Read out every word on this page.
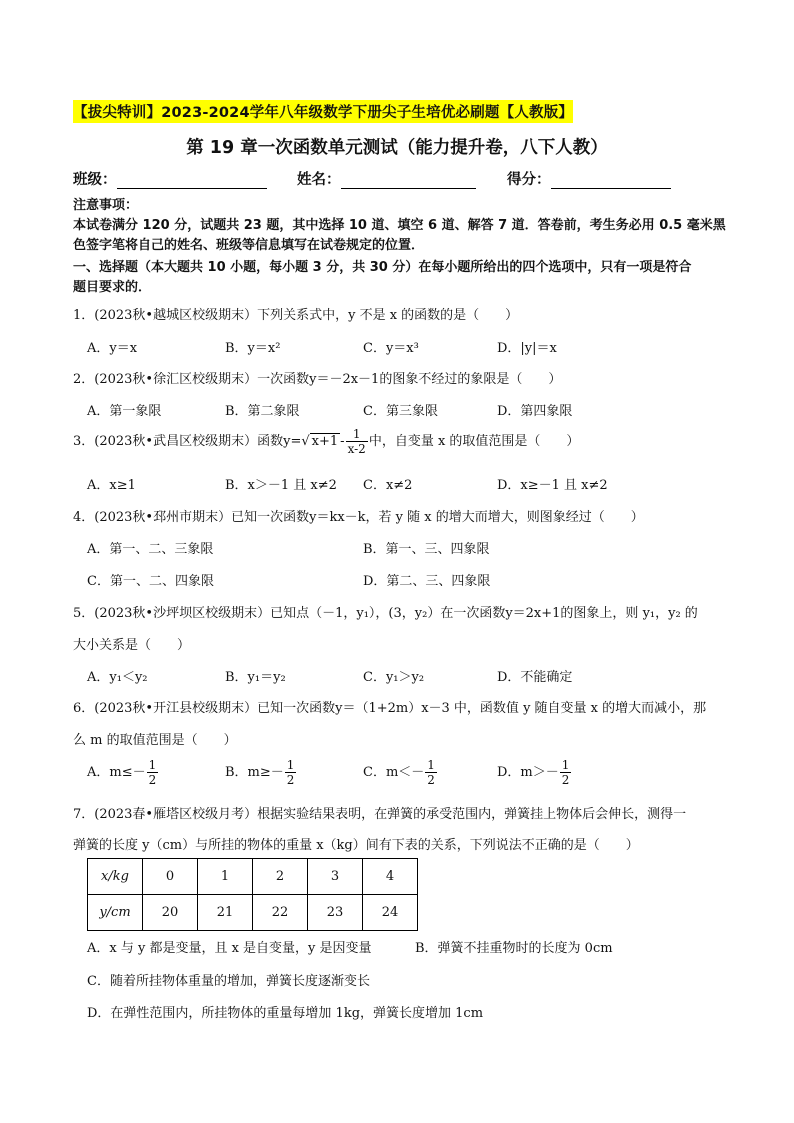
【拔尖特训】2023-2024学年八年级数学下册尖子生培优必刷题【人教版】
第 19 章一次函数单元测试（能力提升卷，八下人教）
班级：	姓名：	得分：
注意事项：
本试卷满分 120 分，试题共 23 题，其中选择 10 道、填空 6 道、解答 7 道．答卷前，考生务必用 0.5 毫米黑
色签字笔将自己的姓名、班级等信息填写在试卷规定的位置．
一、选择题（本大题共 10 小题，每小题 3 分，共 30 分）在每小题所给出的四个选项中，只有一项是符合
题目要求的．
1．(2023秋•越城区校级期末）下列关系式中，y 不是 x 的函数的是（　　）
A．y＝x	B．y＝x²	C．y＝x³	D．|y|＝x
2．(2023秋•徐汇区校级期末）一次函数y＝－2x－1的图象不经过的象限是（　　）
A．第一象限	B．第二象限	C．第三象限	D．第四象限
3．(2023秋•武昌区校级期末）函数y=√ $x+1 - \frac{1}{x-2}$ 中，自变量 x 的取值范围是（　　）
A．x≥1	B．x＞－1 且 x≠2 C．x≠2	D．x≥－1 且 x≠2
4．(2023秋•邳州市期末）已知一次函数y＝kx－k，若 y 随 x 的增大而增大，则图象经过（　　）
A．第一、二、三象限	B．第一、三、四象限
C．第一、二、四象限	D．第二、三、四象限
5．(2023秋•沙坪坝区校级期末）已知点（－1，y₁），(3，y₂）在一次函数y＝2x+1的图象上，则 y₁，y₂ 的
大小关系是（　　）
A．y₁＜y₂	B．y₁＝y₂	C．y₁＞y₂	D．不能确定
6．(2023秋•开江县校级期末）已知一次函数y＝（1+2m）x－3 中，函数值 y 随自变量 x 的增大而减小，那
么 m 的取值范围是（　　）
A．$m\le- \frac{1}{2}$	B．$m\ge- \frac{1}{2}$	C．$m<- \frac{1}{2}$	D．$m>- \frac{1}{2}$
7．(2023春•雁塔区校级月考）根据实验结果表明，在弹簧的承受范围内，弹簧挂上物体后会伸长，测得一
弹簧的长度 y（cm）与所挂的物体的重量 x（kg）间有下表的关系，下列说法不正确的是（　　）
x/kg	0	1	2	3	4
y/cm	20	21	22	23	24
A．x 与 y 都是变量，且 x 是自变量，y 是因变量	B．弹簧不挂重物时的长度为 0cm
C．随着所挂物体重量的增加，弹簧长度逐渐变长
D．在弹性范围内，所挂物体的重量每增加 1kg，弹簧长度增加 1cm
